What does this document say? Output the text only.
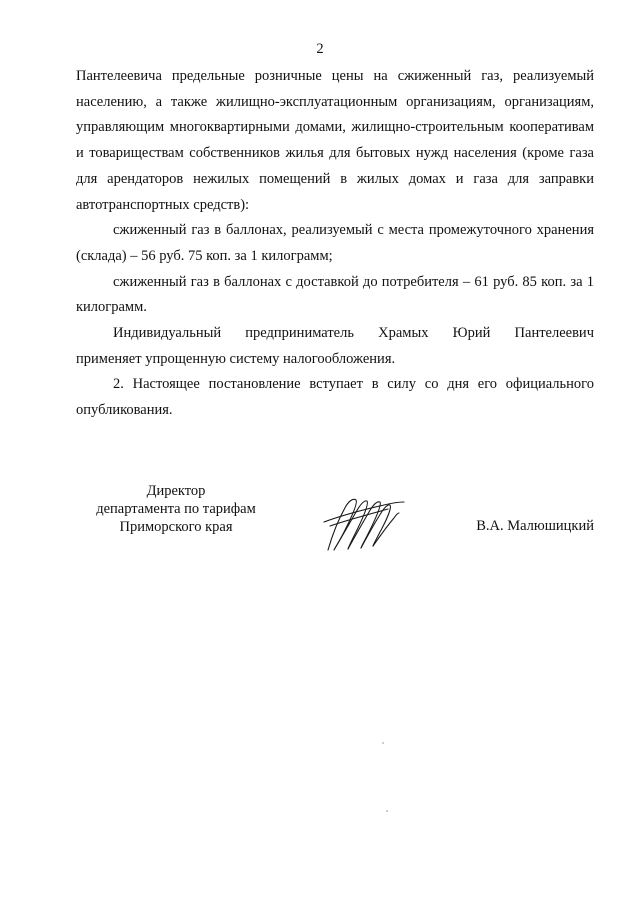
2

Пантелеевича предельные розничные цены на сжиженный газ, реализуемый населению, а также жилищно-эксплуатационным организациям, организациям, управляющим многоквартирными домами, жилищно-строительным кооперативам и товариществам собственников жилья для бытовых нужд населения (кроме газа для арендаторов нежилых помещений в жилых домах и газа для заправки автотранспортных средств):

сжиженный газ в баллонах, реализуемый с места промежуточного хранения (склада) – 56 руб. 75 коп. за 1 килограмм;

сжиженный газ в баллонах с доставкой до потребителя – 61 руб. 85 коп. за 1 килограмм.

Индивидуальный предприниматель Храмых Юрий Пантелеевич

применяет упрощенную систему налогообложения.

2. Настоящее постановление вступает в силу со дня его официального опубликования.

Директор
департамента по тарифам
Приморского края	В.А. Малюшицкий
